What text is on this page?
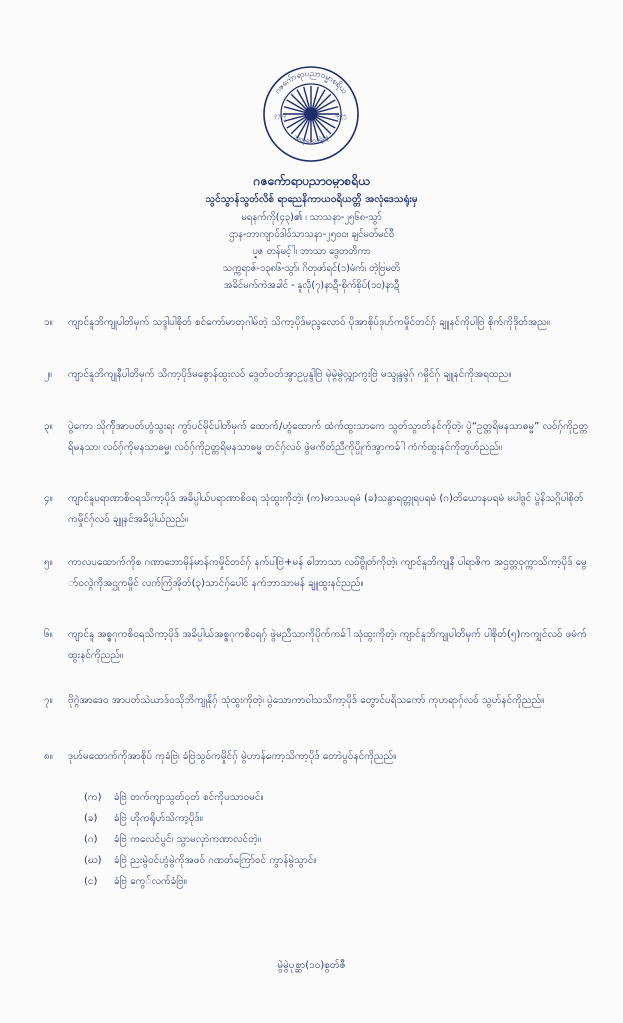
ဂဇက်ောရာပညာဝမ္မာစရိယ
အလုံဒေသရုံးမှ
၃၇၃၃	၁၉၉၅
ဂဇက်ောရာပညာဝမ္မာစရိယ
သွင်သွာန်သွတ်လိစ် ရာညေနိကာယဝရိယတ္တိ အလုံဒေသရုံးမှ
မရနက်ကို(၄၃)၏ ၊ သာသနာ-၂၅၆၈-သွာ်
ဌာန-ဘာကျာဝ်ဒါဝ်သာသနာ-၂၅၀၀၊ ချင်မတ်မင်ဝီ
ပ္ဍဇ တန်မင့်ါ၊ ဘာသာ ဒွေတတိကာ
သက္ကရာဇ်-၁၃၈၆-သွာ်၊ ဂိတုဖာ်ရင်(၁)မံက်၊ တဲ့ဗြမတိ
အခိင်မက်ကဲအခါင် - နူလဵု(၇)နာဍီ-စိုက်စိုပ်(၁၀)နာဍီ
၁။	ကျာင်နူဘိကျုပါတိမှက် သဒ္ဒါပါစိုတ် စင်ကော်မာတုဂါမ်တဲ့ သိကာ့ပိုဒ်မည္ဒလောဝ် ပိုအာစိုပ်ဒုဟ်ကမှိုင်တင်ဂှ် ချူနင်ကိုပါဗြဲ စိုက်ကိုဒိုတ်အည။
၂။	ကျာင်နူဘိကျုနီပါတိမှက် သိကာ့ပိုဒ်မစွောန်ထွးလဝ် ဒွေတ်ဝတ်အွာဥပ္ပန္ဒါဗြဲ မုဲမ္ဂဲမွဲလ္ဂျာကွးဗြဲ မသ္ဒုန္ဒမ္ဒဲဂှ် ဂမှိုင်ဂှ် ချူနင်ကိုအရထည။
၃။	ပွဲကော သိုက်ိုအာပတ်ဟွံသွးရး ကွာ်ပင်မိုင်ပါတိမှက် ထောက်/ဟွံထောက် ထံက်ထွးသာကေ သွတ်သွာတ်နင်ကိုတဲ့၊ ပွဲ“ဥတ္တရိမနသာဓမ္မ” လဝ်ဂှ်ကိုဥတ္တရိမနသာ၊ လဝ်ဂှ်ကိုမနသာဓမ္မ၊ လဝ်ဂှ်ကိုဥတ္တရိမနသာဓမ္မ တင်ဂှ်လဝ် ဖွဲမကိတ်ညီကိုပ္ပိုက်အွာကခ်ါ ကံက်ထွးနင်ကိုတွဟ်ညည်။
၄။	ကျာင်နူပရာဏာစိဝရသိကာ့ပိုဒ် အခိပ္ပါယ်ပရာဏာစိဝရ သုံထွးကိုတဲ့၊ (က)မာသပရမံ (ခ)သနွာရတ္တုရပရမံ (ဂ)တိယောနပရမံ မပါဒွင် ပွဲနိသဂ္ဂိပါစိုတ်ကမှိုင်ဂှ်လဝ် ချူနင်အခိပ္ပါယ်ညည်။
၅။	ကာလပထောက်ကိုစ ဂဏာဘောမိုန်မာန်ကမှိုင်တင်ဂှ် နက်ပါဗြဲ+မန် ဓါဘာသာ လဝ်ဗွိုဲတ်ကိုတဲ့၊ ကျာင်နူဘိကျုနီ ပါရာဇိက အဌတ္တဝုက္ကာသိကာ့ပိုဒ် မွော်ဝလ္ဂဲကိုအဌုကမှိုင် လက်ကြံအိုတ်(၃)သာင်ဂှ်ပေါင် နက်ဘာသာမန် ချူထွးနင်ညည်။
၆။	ကျာင်နူ အစ္စဂုကစိဝရသိကာ့ပိုဒ် အခိပ္ပါယ်အစ္စဂုကစိဝရဂှ် ဖွဲမညီသာကိုပိုက်ကခ်ါ သုံထွးကိုတဲ့၊ ကျာင်နူဘိကျုပါတိမှက် ပါစိုတ်(၅)ကကျှင်လဝ် ဖမံက်ထွးနင်ကိုညည်။
၇။	ဗိုဂ္ဂဲအာဒေဝ အာပတ်သဲယာဒ်ဝသိုဘိကျုနိုဂ်ှ သုံထွးကိုတဲ့၊ ပွဲသောကာဝါသသိကာ့ပိုဒ် တွောင်ပရိသကော် ကုဟရာဂှ်လဝ် သွဟ်နင်ကိုညည်။
၈။	ဒုဟ်မထောက်ကိုအာစိုပ် ကုခံဗြဲ၊ ခံဗြဲသွဝ်ကမှိုင်ဂှ် မွဲဟာန်ကော့သိကာ့ပိုဒ် တောဲပွဝ်နင်ကိုညည်။
(က) ခံဗြဲ တက်ကျာသွတ်ဝုတ် စင်ကိုပသာဝမင်။
(ခ) ခံဗြဲ ဟိုကရိုဟ်သိကာ့ပိုဒ်။
(ဂ) ခံဗြဲ ကလေင်ပွင်၊ သွာမလှာဲကဏာလင်တဲ့။
(ဃ) ခံဗြဲ ညးမွဲဝင်ဟွံမွဲကိုအဖဝ် ဂဏတ်ကြော်ဝင် ကွာန်မွဲသွာင်။
(င) ခံဗြဲ ကွေ်လက်ခံဗြဲ။
မွဲမွဲပုစ္ဆာ(၁၀)စွတ်ဇီ
